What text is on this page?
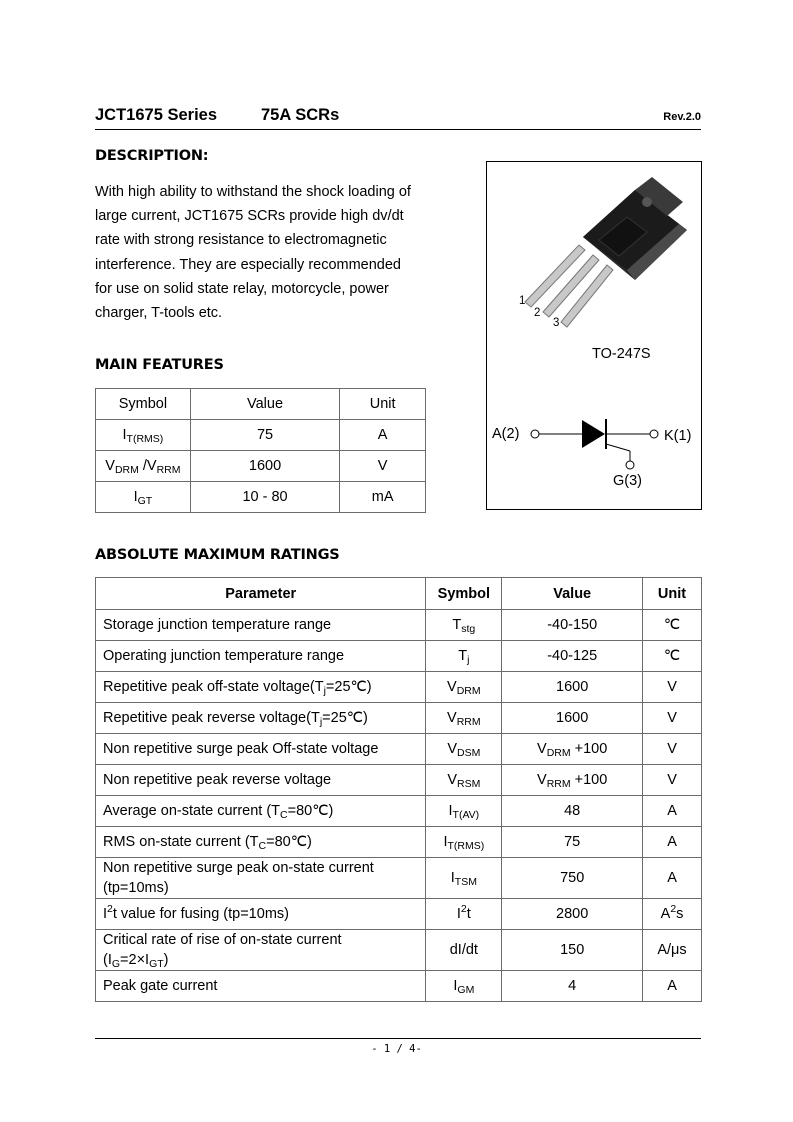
JCT1675 Series	75A SCRs	Rev.2.0
DESCRIPTION:
With high ability to withstand the shock loading of
large current, JCT1675 SCRs provide high dv/dt
rate with strong resistance to electromagnetic
interference. They are especially recommended
for use on solid state relay, motorcycle, power
charger, T-tools etc.
1
2
3
TO-247S
A(2)	K(1)
G(3)
MAIN FEATURES
Symbol	Value	Unit
$I_{T(RMS)}$	75	A
$V_{DRM}$ $/V_{RRM}$	1600	V
$I_{GT}$	10 - 80	mA
ABSOLUTE MAXIMUM RATINGS
Parameter	Symbol	Value	Unit
Storage junction temperature range	$T_{stg}$	-40-150	℃
Operating junction temperature range	$T_j$	-40-125	℃
Repetitive peak off-state $voltage(T_j=25℃)$	$V_{DRM}$	1600	V
Repetitive peak reverse $voltage(T_j=25℃)$	$V_{RRM}$	1600	V
Non repetitive surge peak Off-state voltage	$V_{DSM}$	$V_{DRM} +100$	V
Non repetitive peak reverse voltage	$V_{RSM}$	$V_{RRM} +100$	V
Average on-state current $(T_C=80℃)$	$I_{T(AV)}$	48	A
RMS on-state current $(T_C=80℃)$	$I_{T(RMS)}$	75	A
Non repetitive surge peak on-state current
(tp=10ms)	$I_{TSM}$	750	A
$I^2t$ value for fusing (tp=10ms)	$I^2t$	2800	$A^2s$
Critical rate of rise of on-state current
$(I_G=2\times I_{GT})$	dI/dt	150	A/μs
Peak gate current	$I_{GM}$	4	A
- 1 / 4-
